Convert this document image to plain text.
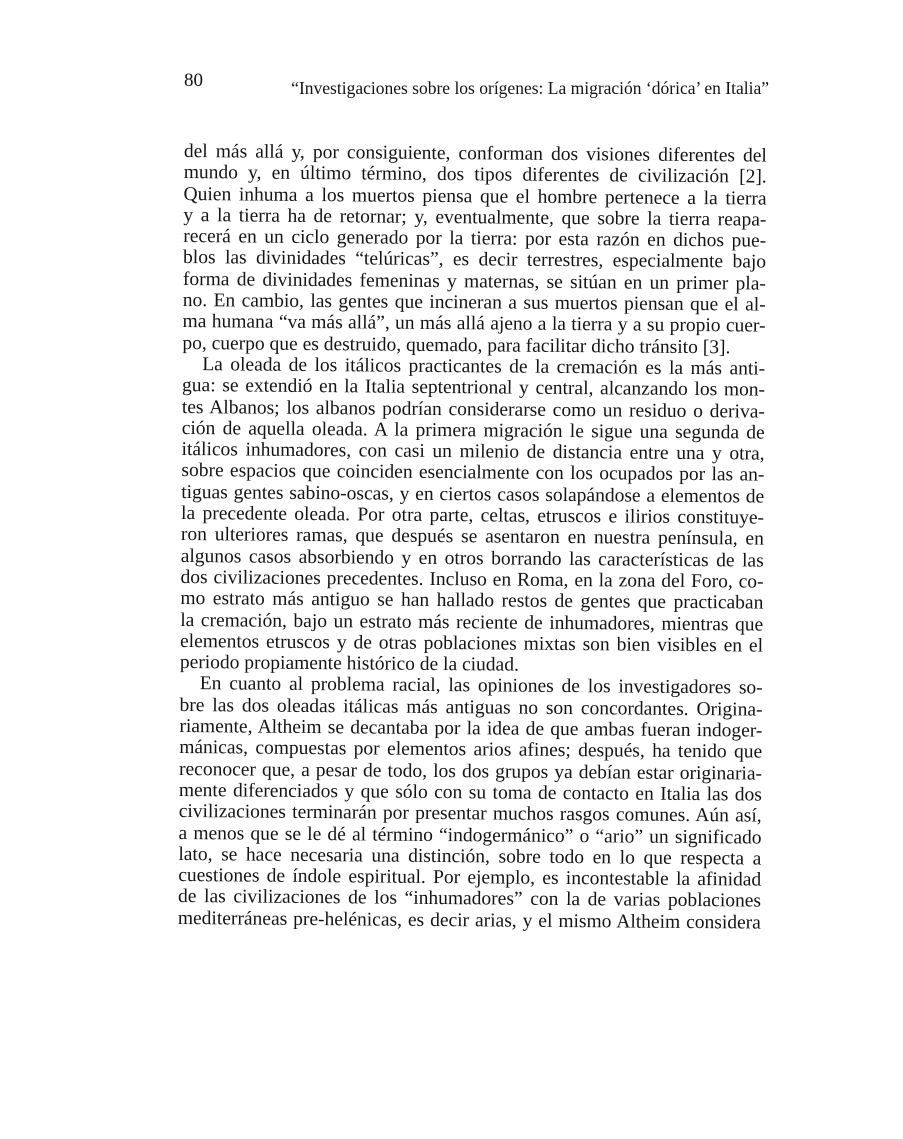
80	“Investigaciones sobre los orígenes: La migración ‘dórica’ en Italia”
del más allá y, por consiguiente, conforman dos visiones diferentes del
mundo y, en último término, dos tipos diferentes de civilización [2].
Quien inhuma a los muertos piensa que el hombre pertenece a la tierra
y a la tierra ha de retornar; y, eventualmente, que sobre la tierra reapa-
recerá en un ciclo generado por la tierra: por esta razón en dichos pue-
blos las divinidades “telúricas”, es decir terrestres, especialmente bajo
forma de divinidades femeninas y maternas, se sitúan en un primer pla-
no. En cambio, las gentes que incineran a sus muertos piensan que el al-
ma humana “va más allá”, un más allá ajeno a la tierra y a su propio cuer-
po, cuerpo que es destruido, quemado, para facilitar dicho tránsito [3].
La oleada de los itálicos practicantes de la cremación es la más anti-
gua: se extendió en la Italia septentrional y central, alcanzando los mon-
tes Albanos; los albanos podrían considerarse como un residuo o deriva-
ción de aquella oleada. A la primera migración le sigue una segunda de
itálicos inhumadores, con casi un milenio de distancia entre una y otra,
sobre espacios que coinciden esencialmente con los ocupados por las an-
tiguas gentes sabino-oscas, y en ciertos casos solapándose a elementos de
la precedente oleada. Por otra parte, celtas, etruscos e ilirios constituye-
ron ulteriores ramas, que después se asentaron en nuestra península, en
algunos casos absorbiendo y en otros borrando las características de las
dos civilizaciones precedentes. Incluso en Roma, en la zona del Foro, co-
mo estrato más antiguo se han hallado restos de gentes que practicaban
la cremación, bajo un estrato más reciente de inhumadores, mientras que
elementos etruscos y de otras poblaciones mixtas son bien visibles en el
periodo propiamente histórico de la ciudad.
En cuanto al problema racial, las opiniones de los investigadores so-
bre las dos oleadas itálicas más antiguas no son concordantes. Origina-
riamente, Altheim se decantaba por la idea de que ambas fueran indoger-
mánicas, compuestas por elementos arios afines; después, ha tenido que
reconocer que, a pesar de todo, los dos grupos ya debían estar originaria-
mente diferenciados y que sólo con su toma de contacto en Italia las dos
civilizaciones terminarán por presentar muchos rasgos comunes. Aún así,
a menos que se le dé al término “indogermánico” o “ario” un significado
lato, se hace necesaria una distinción, sobre todo en lo que respecta a
cuestiones de índole espiritual. Por ejemplo, es incontestable la afinidad
de las civilizaciones de los “inhumadores” con la de varias poblaciones
mediterráneas pre-helénicas, es decir arias, y el mismo Altheim considera
